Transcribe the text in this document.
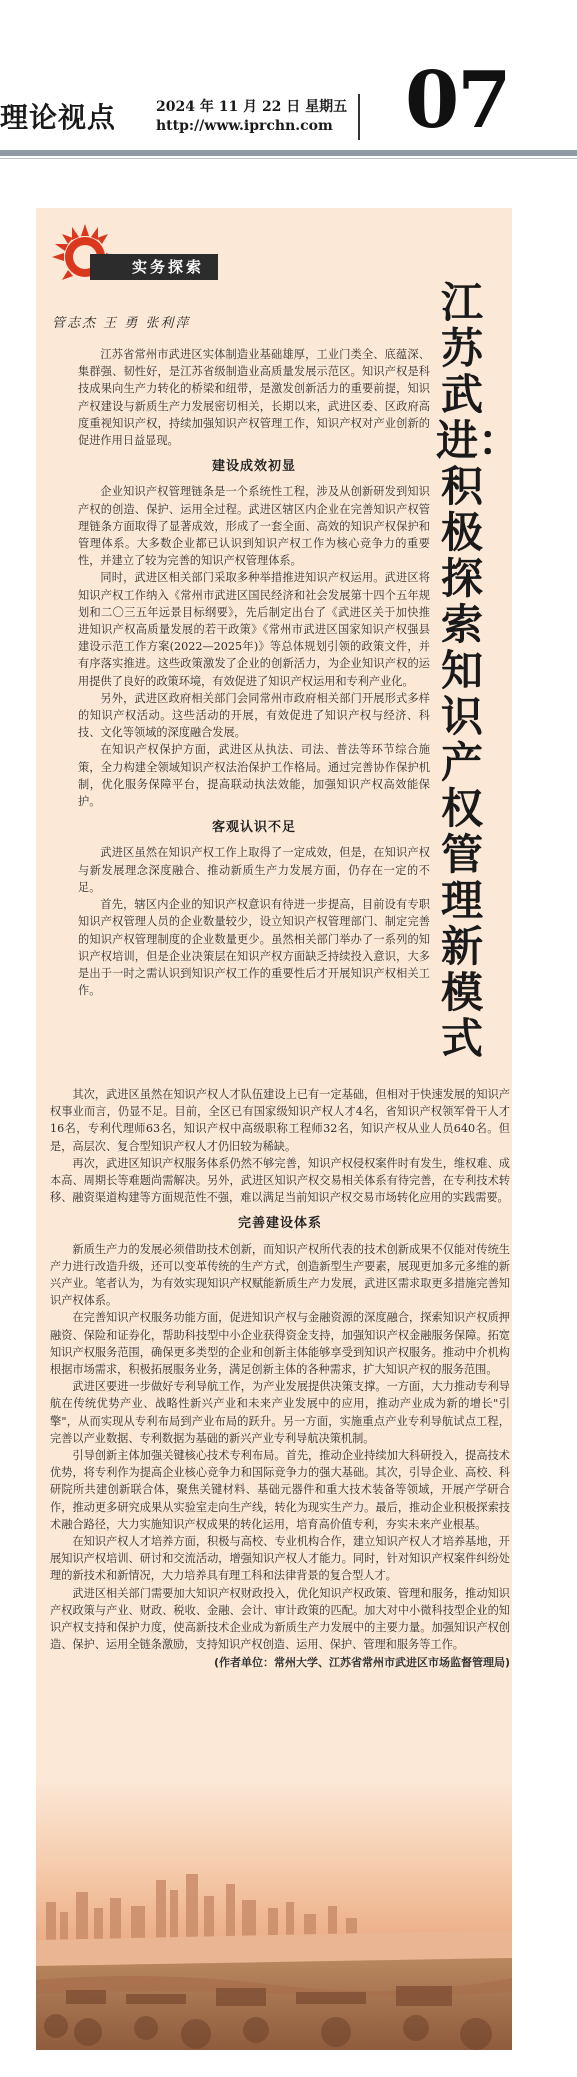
理论视点	2024 年 11 月 22 日 星期五
http://www.iprchn.com 07
实务探索
管志杰 王 勇 张利萍	江苏武进：积极探索知识产权管理新模式

江苏省常州市武进区实体制造业基础雄厚，工业门类全、底蕴深、集群强、韧性好，是江苏省级制造业高质量发展示范区。知识产权是科技成果向生产力转化的桥梁和纽带，是激发创新活力的重要前提，知识产权建设与新质生产力发展密切相关，长期以来，武进区委、区政府高度重视知识产权，持续加强知识产权管理工作，知识产权对产业创新的促进作用日益显现。

建设成效初显

企业知识产权管理链条是一个系统性工程，涉及从创新研发到知识产权的创造、保护、运用全过程。武进区辖区内企业在完善知识产权管理链条方面取得了显著成效，形成了一套全面、高效的知识产权保护和管理体系。大多数企业都已认识到知识产权工作为核心竞争力的重要性，并建立了较为完善的知识产权管理体系。

同时，武进区相关部门采取多种举措推进知识产权运用。武进区将知识产权工作纳入《常州市武进区国民经济和社会发展第十四个五年规划和二〇三五年远景目标纲要》，先后制定出台了《武进区关于加快推进知识产权高质量发展的若干政策》《常州市武进区国家知识产权强县建设示范工作方案(2022—2025年)》等总体规划引领的政策文件，并有序落实推进。这些政策激发了企业的创新活力，为企业知识产权的运用提供了良好的政策环境，有效促进了知识产权运用和专利产业化。

另外，武进区政府相关部门会同常州市政府相关部门开展形式多样的知识产权活动。这些活动的开展，有效促进了知识产权与经济、科技、文化等领域的深度融合发展。

在知识产权保护方面，武进区从执法、司法、普法等环节综合施策，全力构建全领域知识产权法治保护工作格局。通过完善协作保护机制，优化服务保障平台，提高联动执法效能，加强知识产权高效能保护。

客观认识不足

武进区虽然在知识产权工作上取得了一定成效，但是，在知识产权与新发展理念深度融合、推动新质生产力发展方面，仍存在一定的不足。

首先，辖区内企业的知识产权意识有待进一步提高，目前设有专职知识产权管理人员的企业数量较少，设立知识产权管理部门、制定完善的知识产权管理制度的企业数量更少。虽然相关部门举办了一系列的知识产权培训，但是企业决策层在知识产权方面缺乏持续投入意识，大多是出于一时之需认识到知识产权工作的重要性后才开展知识产权相关工作。

其次，武进区虽然在知识产权人才队伍建设上已有一定基础，但相对于快速发展的知识产权事业而言，仍显不足。目前，全区已有国家级知识产权人才4名，省知识产权领军骨干人才16名，专利代理师63名，知识产权中高级职称工程师32名，知识产权从业人员640名。但是，高层次、复合型知识产权人才仍旧较为稀缺。

再次，武进区知识产权服务体系仍然不够完善，知识产权侵权案件时有发生，维权难、成本高、周期长等难题尚需解决。另外，武进区知识产权交易相关体系有待完善，在专利技术转移、融资渠道构建等方面规范性不强，难以满足当前知识产权交易市场转化应用的实践需要。

完善建设体系

新质生产力的发展必须借助技术创新，而知识产权所代表的技术创新成果不仅能对传统生产力进行改造升级，还可以变革传统的生产方式，创造新型生产要素，展现更加多元多维的新兴产业。笔者认为，为有效实现知识产权赋能新质生产力发展，武进区需求取更多措施完善知识产权体系。

在完善知识产权服务功能方面，促进知识产权与金融资源的深度融合，探索知识产权质押融资、保险和证券化，帮助科技型中小企业获得资金支持，加强知识产权金融服务保障。拓宽知识产权服务范围，确保更多类型的企业和创新主体能够享受到知识产权服务。推动中介机构根据市场需求，积极拓展服务业务，满足创新主体的各种需求，扩大知识产权的服务范围。

武进区要进一步做好专利导航工作，为产业发展提供决策支撑。一方面，大力推动专利导航在传统优势产业、战略性新兴产业和未来产业发展中的应用，推动产业成为新的增长"引擎"，从而实现从专利布局到产业布局的跃升。另一方面，实施重点产业专利导航试点工程，完善以产业数据、专利数据为基础的新兴产业专利导航决策机制。

引导创新主体加强关键核心技术专利布局。首先，推动企业持续加大科研投入，提高技术优势，将专利作为提高企业核心竞争力和国际竞争力的强大基础。其次，引导企业、高校、科研院所共建创新联合体，聚焦关键材料、基础元器件和重大技术装备等领域，开展产学研合作，推动更多研究成果从实验室走向生产线，转化为现实生产力。最后，推动企业积极探索技术融合路径，大力实施知识产权成果的转化运用，培育高价值专利，夯实未来产业根基。

在知识产权人才培养方面，积极与高校、专业机构合作，建立知识产权人才培养基地，开展知识产权培训、研讨和交流活动，增强知识产权人才能力。同时，针对知识产权案件纠纷处理的新技术和新情况，大力培养具有理工科和法律背景的复合型人才。

武进区相关部门需要加大知识产权财政投入，优化知识产权政策、管理和服务，推动知识产权政策与产业、财政、税收、金融、会计、审计政策的匹配。加大对中小微科技型企业的知识产权支持和保护力度，使高新技术企业成为新质生产力发展中的主要力量。加强知识产权创造、保护、运用全链条激励，支持知识产权创造、运用、保护、管理和服务等工作。

(作者单位：常州大学、江苏省常州市武进区市场监督管理局)
